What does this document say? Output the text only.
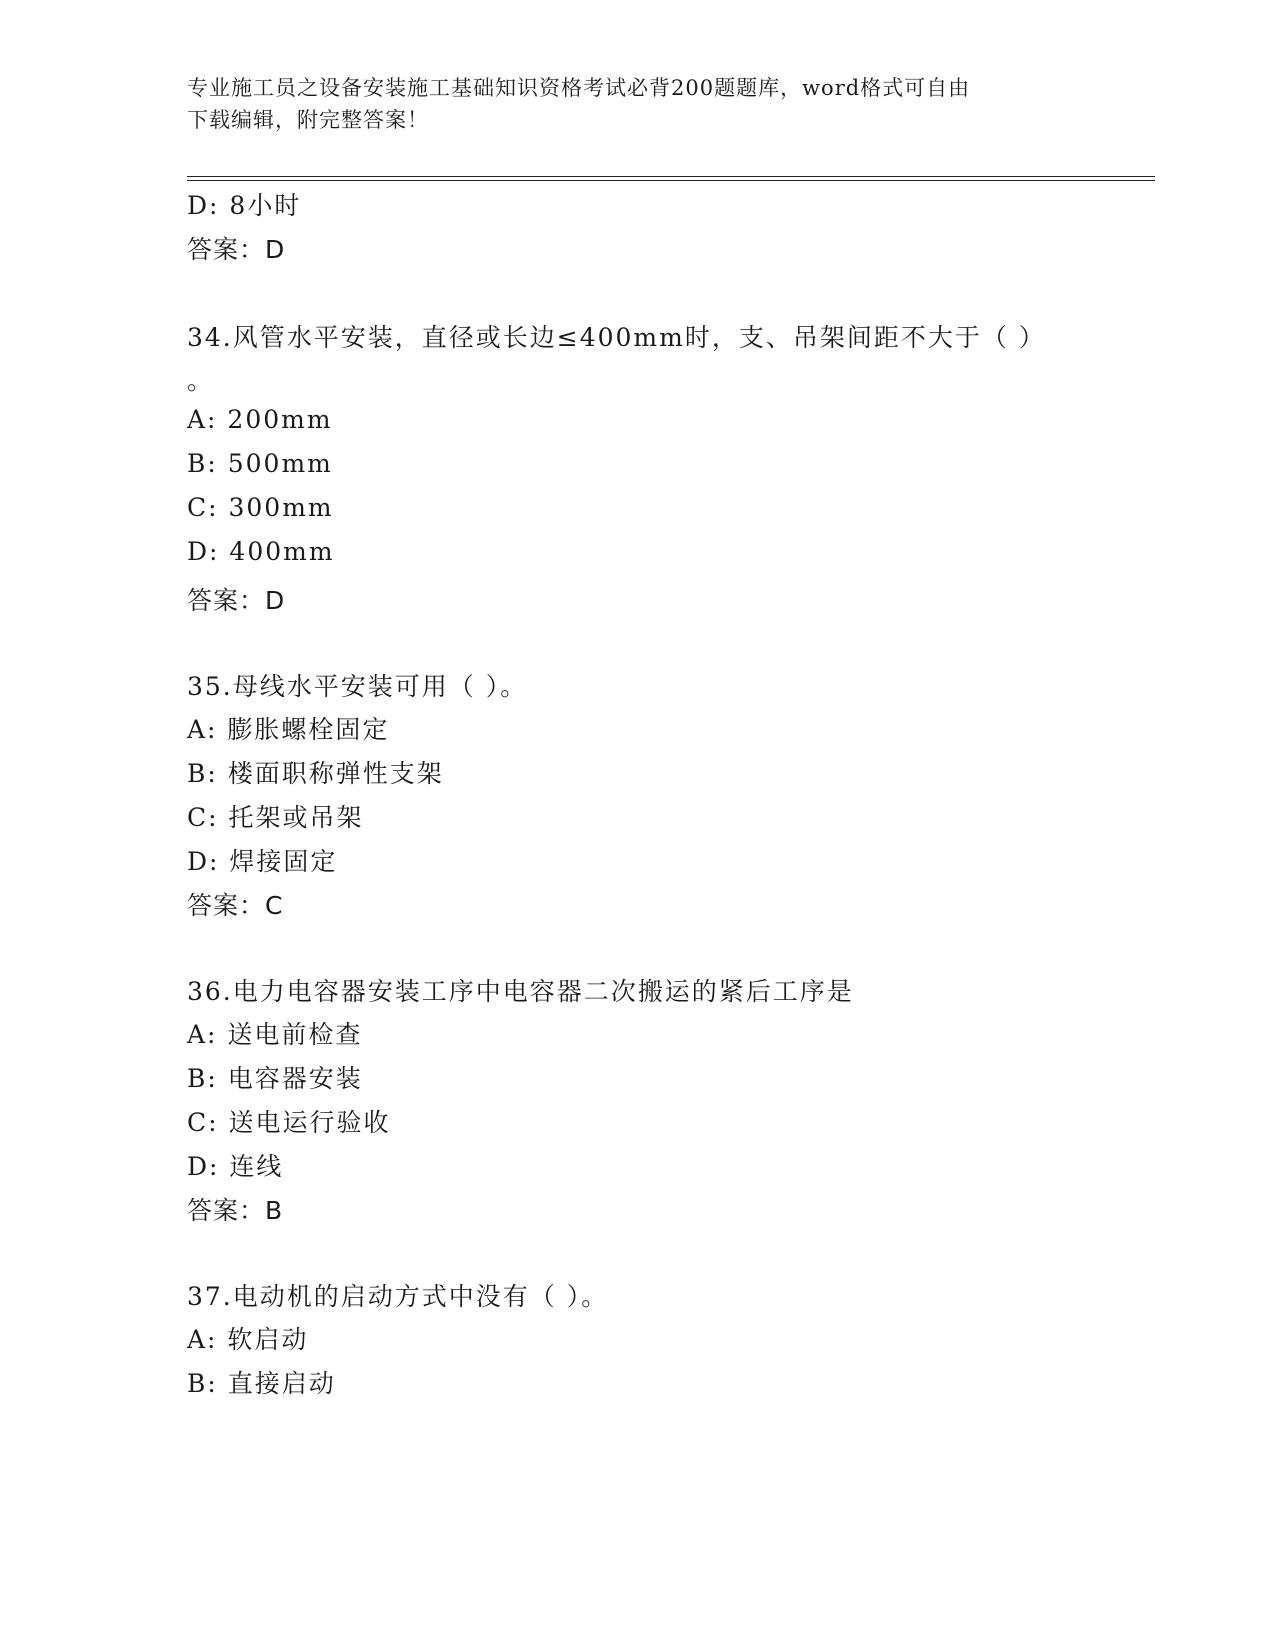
专业施工员之设备安装施工基础知识资格考试必背200题题库，word格式可自由
下载编辑，附完整答案！
D: 8小时
答案：D
34.风管水平安装，直径或长边≤400mm时，支、吊架间距不大于（ ）
。
A: 200mm
B: 500mm
C: 300mm
D: 400mm
答案：D
35.母线水平安装可用（ ）。
A: 膨胀螺栓固定
B: 楼面职称弹性支架
C: 托架或吊架
D: 焊接固定
答案：C
36.电力电容器安装工序中电容器二次搬运的紧后工序是
A: 送电前检查
B: 电容器安装
C: 送电运行验收
D: 连线
答案：B
37.电动机的启动方式中没有（ ）。
A: 软启动
B: 直接启动
